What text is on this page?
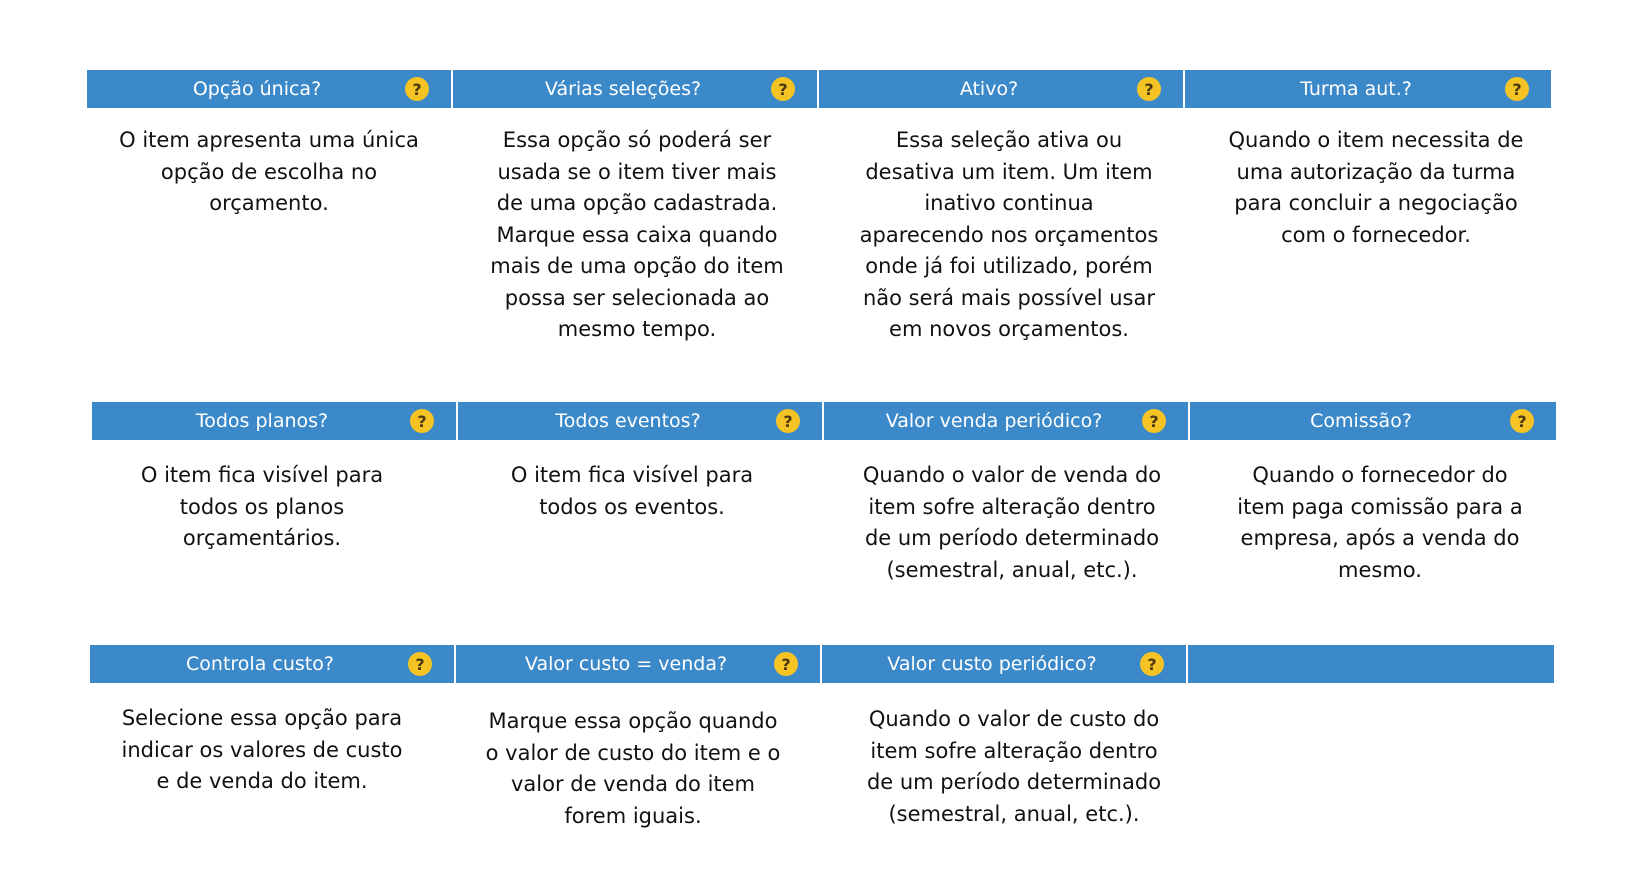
Opção única?	?	Várias seleções?	?	Ativo?	?	Turma aut.?	?
O item apresenta uma única opção de escolha no orçamento.
Essa opção só poderá ser usada se o item tiver mais de uma opção cadastrada. Marque essa caixa quando mais de uma opção do item possa ser selecionada ao mesmo tempo.
Essa seleção ativa ou desativa um item. Um item inativo continua aparecendo nos orçamentos onde já foi utilizado, porém não será mais possível usar em novos orçamentos.
Quando o item necessita de uma autorização da turma para concluir a negociação com o fornecedor.
Todos planos?	?	Todos eventos?	?	Valor venda periódico?	?	Comissão?	?
O item fica visível para todos os planos orçamentários.
O item fica visível para todos os eventos.
Quando o valor de venda do item sofre alteração dentro de um período determinado (semestral, anual, etc.).
Quando o fornecedor do item paga comissão para a empresa, após a venda do mesmo.
Controla custo?	?	Valor custo = venda?	?	Valor custo periódico?	?
Selecione essa opção para indicar os valores de custo e de venda do item.
Marque essa opção quando o valor de custo do item e o valor de venda do item forem iguais.
Quando o valor de custo do item sofre alteração dentro de um período determinado (semestral, anual, etc.).
